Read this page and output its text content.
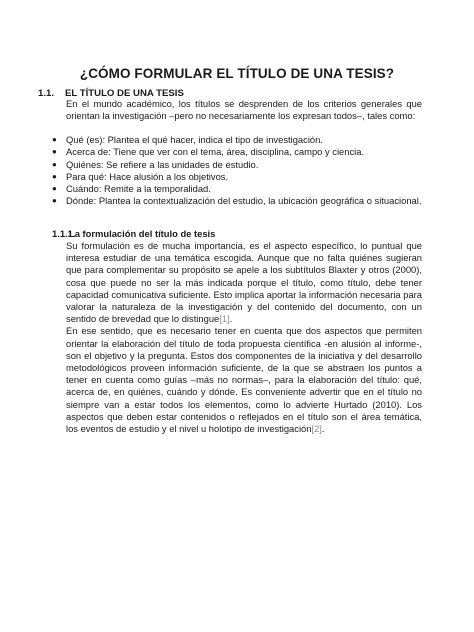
¿CÓMO FORMULAR EL TÍTULO DE UNA TESIS?
1.1. EL TÍTULO DE UNA TESIS

En el mundo académico, los títulos se desprenden de los criterios generales que orientan la investigación –pero no necesariamente los expresan todos–, tales como:

● Qué (es): Plantea el qué hacer, indica el tipo de investigación.
● Acerca de: Tiene que ver con el tema, área, disciplina, campo y ciencia.
● Quiénes: Se refiere a las unidades de estudio.
● Para qué: Hace alusión a los objetivos.
● Cuándo: Remite a la temporalidad.
● Dónde: Plantea la contextualización del estudio, la ubicación geográfica o situacional.
1.1.1.La formulación del título de tesis

Su formulación es de mucha importancia, es el aspecto específico, lo puntual que interesa estudiar de una temática escogida. Aunque que no falta quiénes sugieran que para complementar su propósito se apele a los subtítulos Blaxter y otros (2000), cosa que puede no ser la más indicada porque el título, como título, debe tener capacidad comunicativa suficiente. Esto implica aportar la información necesaria para valorar la naturaleza de la investigación y del contenido del documento, con un sentido de brevedad que lo distingue[1].

En ese sentido, que es necesario tener en cuenta que dos aspectos que permiten orientar la elaboración del título de toda propuesta científica -en alusión al informe-, son el objetivo y la pregunta. Estos dos componentes de la iniciativa y del desarrollo metodológicos proveen información suficiente, de la que se abstraen los puntos a tener en cuenta como guías –más no normas–, para la elaboración del título: qué, acerca de, en quiénes, cuándo y dónde. Es conveniente advertir que en el título no siempre van a estar todos los elementos, como lo advierte Hurtado (2010). Los aspectos que deben estar contenidos o reflejados en el título son el área temática, los eventos de estudio y el nivel u holotipo de investigación[2].
